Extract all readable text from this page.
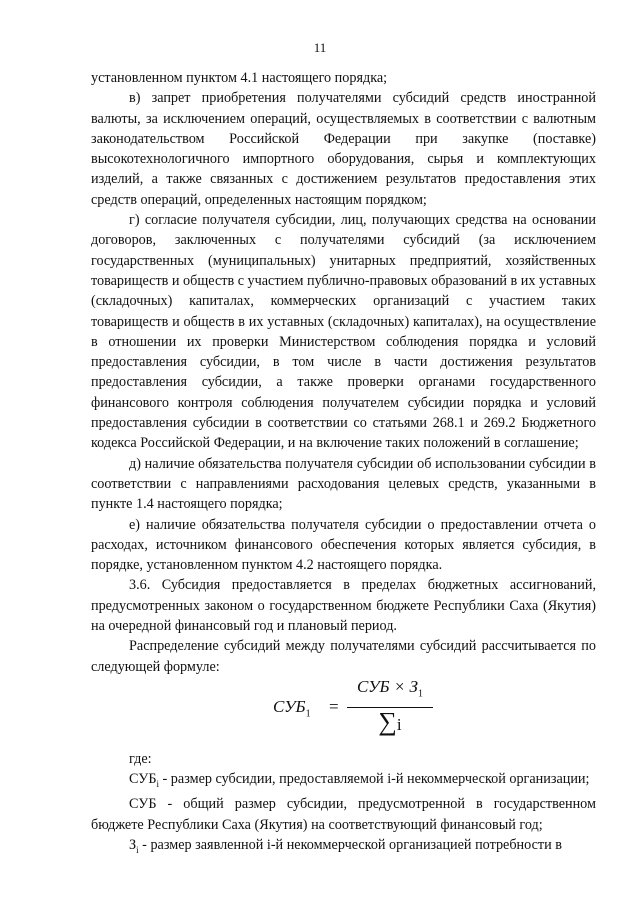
11

установленном пунктом 4.1 настоящего порядка;

в) запрет приобретения получателями субсидий средств иностранной валюты, за исключением операций, осуществляемых в соответствии с валютным законодательством Российской Федерации при закупке (поставке) высокотехнологичного импортного оборудования, сырья и комплектующих изделий, а также связанных с достижением результатов предоставления этих средств операций, определенных настоящим порядком;

г) согласие получателя субсидии, лиц, получающих средства на основании договоров, заключенных с получателями субсидий (за исключением государственных (муниципальных) унитарных предприятий, хозяйственных товариществ и обществ с участием публично-правовых образований в их уставных (складочных) капиталах, коммерческих организаций с участием таких товариществ и обществ в их уставных (складочных) капиталах), на осуществление в отношении их проверки Министерством соблюдения порядка и условий предоставления субсидии, в том числе в части достижения результатов предоставления субсидии, а также проверки органами государственного финансового контроля соблюдения получателем субсидии порядка и условий предоставления субсидии в соответствии со статьями 268.1 и 269.2 Бюджетного кодекса Российской Федерации, и на включение таких положений в соглашение;

д) наличие обязательства получателя субсидии об использовании субсидии в соответствии с направлениями расходования целевых средств, указанными в пункте 1.4 настоящего порядка;

е) наличие обязательства получателя субсидии о предоставлении отчета о расходах, источником финансового обеспечения которых является субсидия, в порядке, установленном пунктом 4.2 настоящего порядка.

3.6. Субсидия предоставляется в пределах бюджетных ассигнований, предусмотренных законом о государственном бюджете Республики Саха (Якутия) на очередной финансовый год и плановый период.

Распределение субсидий между получателями субсидий рассчитывается по следующей формуле:

$СУБ_1$ =
СУБ × $З_1$
∑i

где:

$СУБ_i$ - размер субсидии, предоставляемой i-й некоммерческой организации;

СУБ - общий размер субсидии, предусмотренной в государственном бюджете Республики Саха (Якутия) на соответствующий финансовый год;

$З_i$ - размер заявленной i-й некоммерческой организацией потребности в
